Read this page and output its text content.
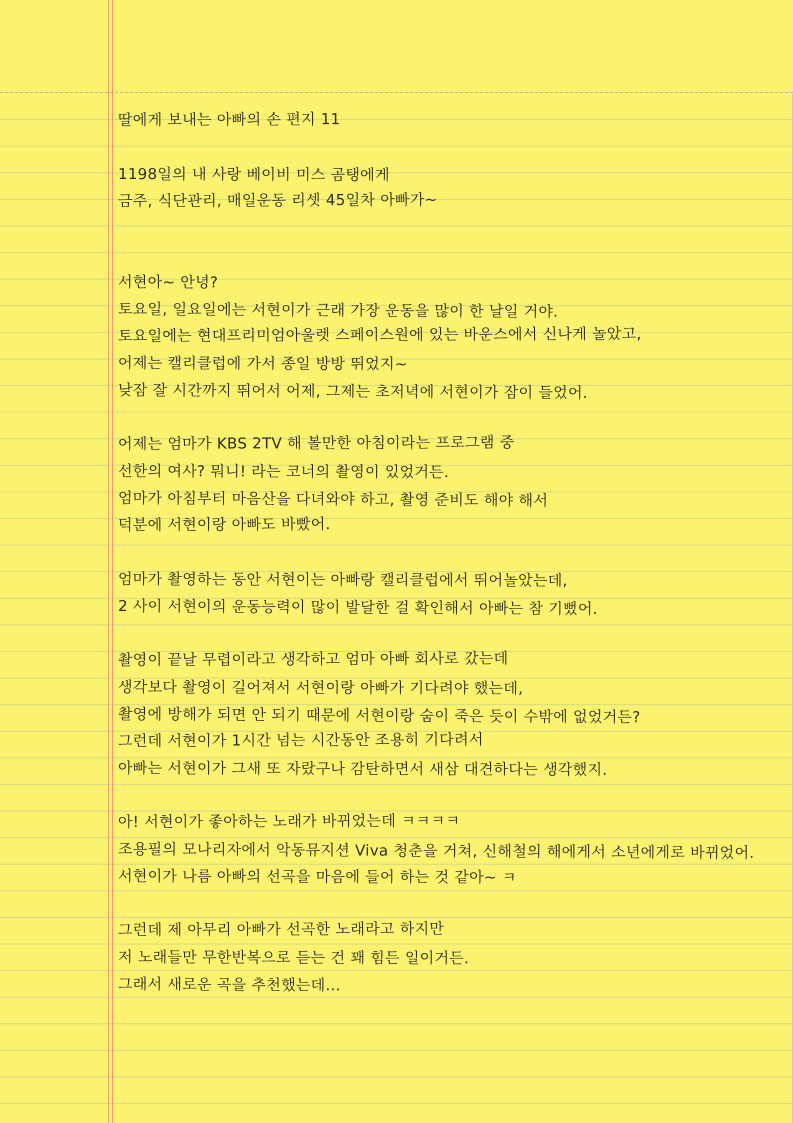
딸에게 보내는 아빠의 손 편지 11
1198일의 내 사랑 베이비 미스 곰탱에게
금주, 식단관리, 매일운동 리셋 45일차 아빠가~
서현아~ 안녕?
토요일, 일요일에는 서현이가 근래 가장 운동을 많이 한 날일 거야.
토요일에는 현대프리미엄아울렛 스페이스원에 있는 바운스에서 신나게 놀았고,
어제는 캘리클럽에 가서 종일 방방 뛰었지~
낮잠 잘 시간까지 뛰어서 어제, 그제는 초저녁에 서현이가 잠이 들었어.
어제는 엄마가 KBS 2TV 해 볼만한 아침이라는 프로그램 중
선한의 여사? 뭐니! 라는 코너의 촬영이 있었거든.
엄마가 아침부터 마음산을 다녀와야 하고, 촬영 준비도 해야 해서
덕분에 서현이랑 아빠도 바빴어.
엄마가 촬영하는 동안 서현이는 아빠랑 캘리클럽에서 뛰어놀았는데,
2 사이 서현이의 운동능력이 많이 발달한 걸 확인해서 아빠는 참 기뻤어.
촬영이 끝날 무렵이라고 생각하고 엄마 아빠 회사로 갔는데
생각보다 촬영이 길어져서 서현이랑 아빠가 기다려야 했는데,
촬영에 방해가 되면 안 되기 때문에 서현이랑 숨이 죽은 듯이 수밖에 없었거든?
그런데 서현이가 1시간 넘는 시간동안 조용히 기다려서
아빠는 서현이가 그새 또 자랐구나 감탄하면서 새삼 대견하다는 생각했지.
아! 서현이가 좋아하는 노래가 바뀌었는데 ㅋㅋㅋㅋ
조용필의 모나리자에서 악동뮤지션 Viva 청춘을 거쳐, 신해철의 해에게서 소년에게로 바뀌었어.
서현이가 나름 아빠의 선곡을 마음에 들어 하는 것 같아~ ㅋ
그런데 제 아무리 아빠가 선곡한 노래라고 하지만
저 노래들만 무한반복으로 듣는 건 꽤 힘든 일이거든.
그래서 새로운 곡을 추천했는데...
